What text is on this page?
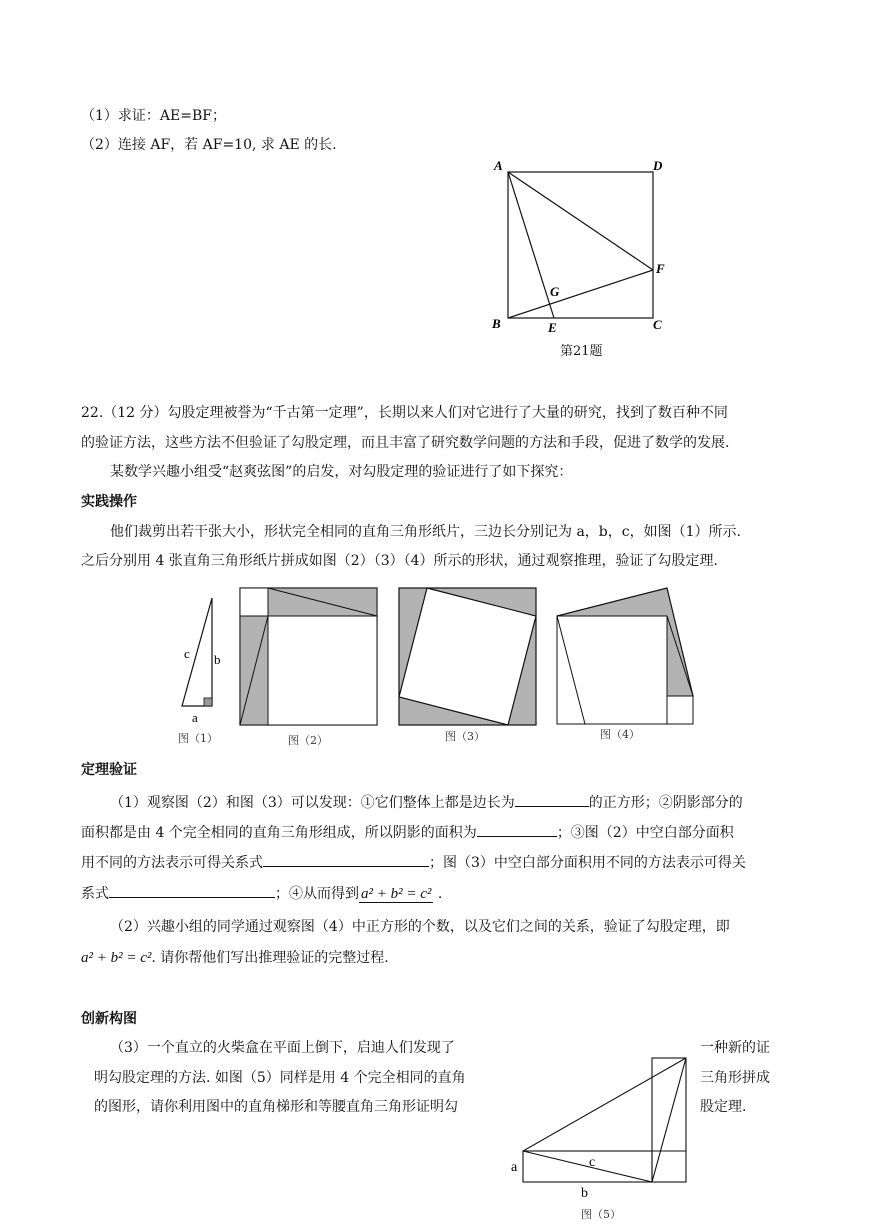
（1）求证：AE=BF；
（2）连接 AF，若 AF=10, 求 AE 的长.
A	D
F
G
B	E	C
第21题
22.（12 分）勾股定理被誉为“千古第一定理”，长期以来人们对它进行了大量的研究，找到了数百种不同
的验证方法，这些方法不但验证了勾股定理，而且丰富了研究数学问题的方法和手段，促进了数学的发展.
某数学兴趣小组受“赵爽弦图”的启发，对勾股定理的验证进行了如下探究：
实践操作
他们裁剪出若干张大小，形状完全相同的直角三角形纸片，三边长分别记为 a，b，c，如图（1）所示.
之后分别用 4 张直角三角形纸片拼成如图（2）（3）（4）所示的形状，通过观察推理，验证了勾股定理.
c b
a
图（1）	图（2）	图（3）	图（4）
定理验证
（1）观察图（2）和图（3）可以发现：①它们整体上都是边长为	的正方形；②阴影部分的
面积都是由 4 个完全相同的直角三角形组成，所以阴影的面积为	；③图（2）中空白部分面积
用不同的方法表示可得关系式	；图（3）中空白部分面积用不同的方法表示可得关
系式	；④从而得到 a² + b² = c² .
（2）兴趣小组的同学通过观察图（4）中正方形的个数，以及它们之间的关系，验证了勾股定理，即
a² + b² = c². 请你帮他们写出推理验证的完整过程.
创新构图
（3）一个直立的火柴盒在平面上倒下，启迪人们发现了
明勾股定理的方法. 如图（5）同样是用 4 个完全相同的直角
的图形，请你利用图中的直角梯形和等腰直角三角形证明勾
一种新的证
三角形拼成
股定理.
a	c
b
图（5）
